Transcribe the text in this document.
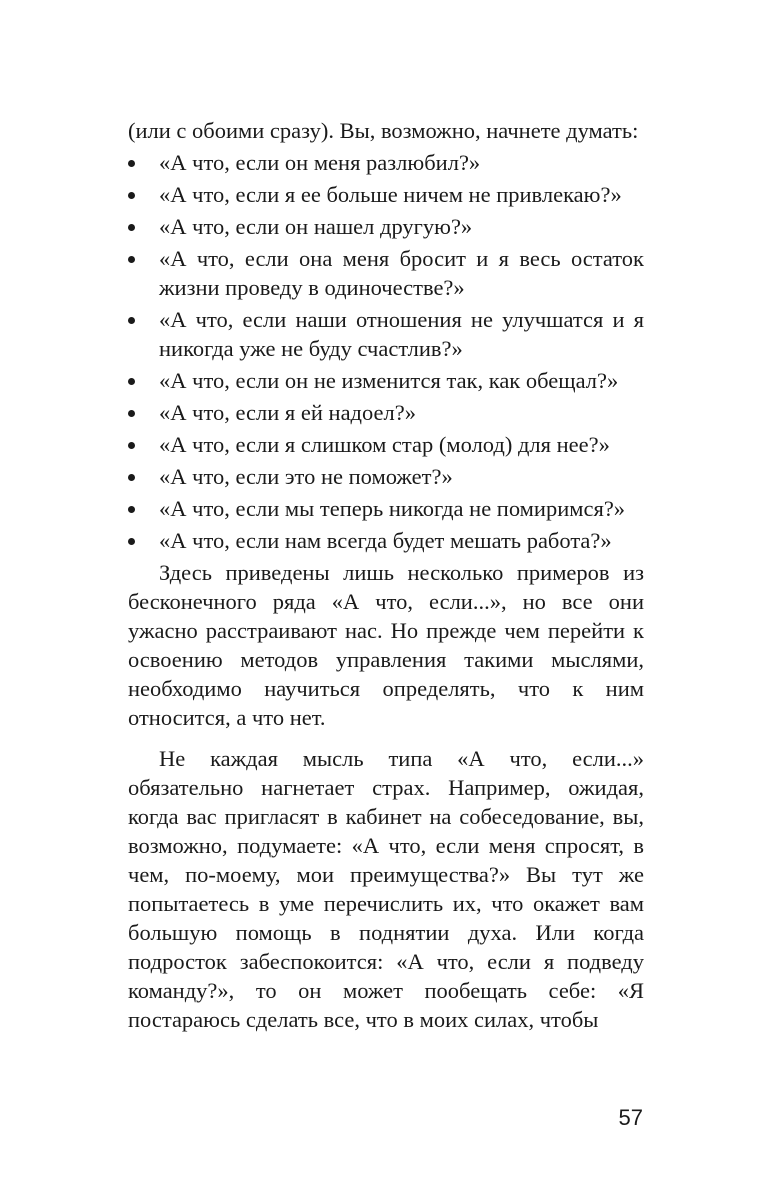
(или с обоими сразу). Вы, возможно, начнете думать:

«А что, если он меня разлюбил?»
«А что, если я ее больше ничем не привлекаю?»
«А что, если он нашел другую?»
«А что, если она меня бросит и я весь остаток жизни проведу в одиночестве?»
«А что, если наши отношения не улучшатся и я никогда уже не буду счастлив?»
«А что, если он не изменится так, как обещал?»
«А что, если я ей надоел?»
«А что, если я слишком стар (молод) для нее?»
«А что, если это не поможет?»
«А что, если мы теперь никогда не помиримся?»
«А что, если нам всегда будет мешать работа?»

Здесь приведены лишь несколько примеров из бесконечного ряда «А что, если...», но все они ужасно расстраивают нас. Но прежде чем перейти к освоению методов управления такими мыслями, необходимо научиться определять, что к ним относится, а что нет.

Не каждая мысль типа «А что, если...» обязательно нагнетает страх. Например, ожидая, когда вас пригласят в кабинет на собеседование, вы, возможно, подумаете: «А что, если меня спросят, в чем, по-моему, мои преимущества?» Вы тут же попытаетесь в уме перечислить их, что окажет вам большую помощь в поднятии духа. Или когда подросток забеспокоится: «А что, если я подведу команду?», то он может пообещать себе: «Я постараюсь сделать все, что в моих силах, чтобы

57
